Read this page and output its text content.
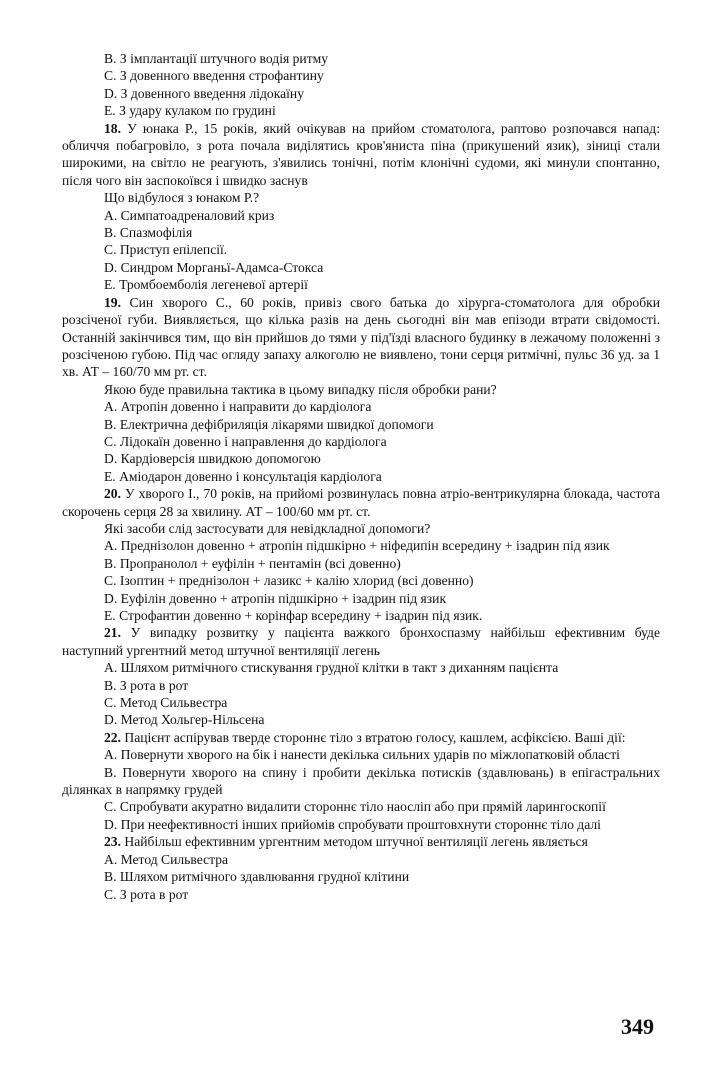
B. З імплантації штучного водія ритму

C. З довенного введення строфантину

D. З довенного введення лідокаїну

E. З удару кулаком по грудині

18. У юнака Р., 15 років, який очікував на прийом стоматолога, раптово розпочався напад: обличчя побагровіло, з рота почала виділятись кров'яниста піна (прикушений язик), зіниці стали широкими, на світло не реагують, з'явились тонічні, потім клонічні судоми, які минули спонтанно, після чого він заспокоївся і швидко заснув

Що відбулося з юнаком Р.?

A. Симпатоадреналовий криз

B. Спазмофілія

C. Приступ епілепсії.

D. Синдром Морганьї-Адамса-Стокса

E. Тромбоемболія легеневої артерії

19. Син хворого С., 60 років, привіз свого батька до хірурга-стоматолога для обробки розсіченої губи. Виявляється, що кілька разів на день сьогодні він мав епізоди втрати свідомості. Останній закінчився тим, що він прийшов до тями у під'їзді власного будинку в лежачому положенні з розсіченою губою. Під час огляду запаху алкоголю не виявлено, тони серця ритмічні, пульс 36 уд. за 1 хв. АТ – 160/70 мм рт. ст.

Якою буде правильна тактика в цьому випадку після обробки рани?

A. Атропін довенно і направити до кардіолога

B. Електрична дефібриляція лікарями швидкої допомоги

C. Лідокаїн довенно і направлення до кардіолога

D. Кардіоверсія швидкою допомогою

E. Аміодарон довенно і консультація кардіолога

20. У хворого І., 70 років, на прийомі розвинулась повна атріо-вентрикулярна блокада, частота скорочень серця 28 за хвилину. АТ – 100/60 мм рт. ст.

Які засоби слід застосувати для невідкладної допомоги?

A. Преднізолон довенно + атропін підшкірно + ніфедипін всередину + ізадрин під язик

B. Пропранолол + еуфілін + пентамін (всі довенно)

C. Ізоптин + преднізолон + лазикс + калію хлорид (всі довенно)

D. Еуфілін довенно + атропін підшкірно + ізадрин під язик

E. Строфантин довенно + корінфар всередину + ізадрин під язик.

21. У випадку розвитку у пацієнта важкого бронхоспазму найбільш ефективним буде наступний ургентний метод штучної вентиляції легень

A. Шляхом ритмічного стискування грудної клітки в такт з диханням пацієнта

B. З рота в рот

C. Метод Сильвестра

D. Метод Хольгер-Нільсена

22. Пацієнт аспірував тверде стороннє тіло з втратою голосу, кашлем, асфіксією. Ваші дії:

A. Повернути хворого на бік і нанести декілька сильних ударів по міжлопатковій області

B. Повернути хворого на спину і пробити декілька потисків (здавлювань) в епігастральних ділянках в напрямку грудей

C. Спробувати акуратно видалити стороннє тіло наосліп або при прямій ларингоскопії

D. При неефективності інших прийомів спробувати проштовхнути стороннє тіло далі

23. Найбільш ефективним ургентним методом штучної вентиляції легень являється

A. Метод Сильвестра

B. Шляхом ритмічного здавлювання грудної клітини

C. З рота в рот

349
